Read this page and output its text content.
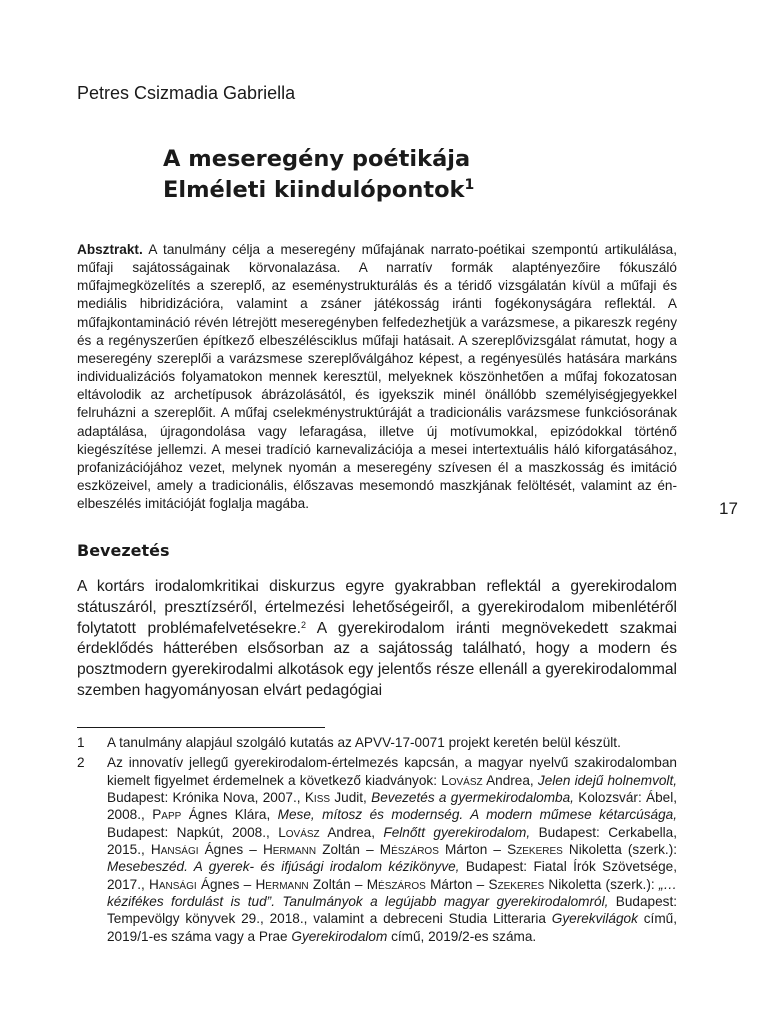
Petres Csizmadia Gabriella
A meseregény poétikája
Elméleti kiindulópontok$^1$
Absztrakt. A tanulmány célja a meseregény műfajának narrato-poétikai szempontú artikulálása, műfaji sajátosságainak körvonalazása. A narratív formák alaptényezőire fókuszáló műfajmegközelítés a szereplő, az eseménystrukturálás és a téridő vizsgálatán kívül a műfaji és mediális hibridizációra, valamint a zsáner játékosság iránti fogékonyságára reflektál. A műfajkontamináció révén létrejött meseregényben felfedezhetjük a varázsmese, a pikareszk regény és a regényszerűen építkező elbeszélésciklus műfaji hatásait. A szereplővizsgálat rámutat, hogy a meseregény szereplői a varázsmese szereplőválgához képest, a regényesülés hatására markáns individualizációs folyamatokon mennek keresztül, melyeknek köszönhetően a műfaj fokozatosan eltávolodik az archetípusok ábrázolásától, és igyekszik minél önállóbb személyiségjegyekkel felruházni a szereplőit. A műfaj cselekménystruktúráját a tradicionális varázsmese funkciósorának adaptálása, újragondolása vagy lefaragása, illetve új motívumokkal, epizódokkal történő kiegészítése jellemzi. A mesei tradíció karnevalizációja a mesei intertextuális háló kiforgatásához, profanizációjához vezet, melynek nyomán a meseregény szívesen él a maszkosság és imitáció eszközeivel, amely a tradicionális, élőszavas mesemondó maszkjának felöltését, valamint az én-elbeszélés imitációját foglalja magába.	17
Bevezetés
A kortárs irodalomkritikai diskurzus egyre gyakrabban reflektál a gyerekirodalom státuszáról, presztízséről, értelmezési lehetőségeiről, a gyerekirodalom mibenlétéről folytatott problémafelvetésekre.$^2$ A gyerekirodalom iránti megnövekedett szakmai érdeklődés hátterében elsősorban az a sajátosság található, hogy a modern és posztmodern gyerekirodalmi alkotások egy jelentős része ellenáll a gyerekirodalommal szemben hagyományosan elvárt pedagógiai
1	A tanulmány alapjául szolgáló kutatás az APVV-17-0071 projekt keretén belül készült.
2	Az innovatív jellegű gyerekirodalom-értelmezés kapcsán, a magyar nyelvű szakirodalomban kiemelt figyelmet érdemelnek a következő kiadványok: Lovász Andrea, Jelen idejű holnemvolt, Budapest: Krónika Nova, 2007., Kiss Judit, Bevezetés a gyermekirodalomba, Kolozsvár: Ábel, 2008., Papp Ágnes Klára, Mese, mítosz és modernség. A modern műmese kétarcúsága, Budapest: Napkút, 2008., Lovász Andrea, Felnőtt gyerekirodalom, Budapest: Cerkabella, 2015., Hansági Ágnes – Hermann Zoltán – Mészáros Márton – Szekeres Nikoletta (szerk.): Mesebeszéd. A gyerek- és ifjúsági irodalom kézikönyve, Budapest: Fiatal Írók Szövetsége, 2017., Hansági Ágnes – Hermann Zoltán – Mészáros Márton – Szekeres Nikoletta (szerk.): „…kézifékes fordulást is tud”. Tanulmányok a legújabb magyar gyerekirodalomról, Budapest: Tempevölgy könyvek 29., 2018., valamint a debreceni Studia Litteraria Gyerekvilágok című, 2019/1-es száma vagy a Prae Gyerekirodalom című, 2019/2-es száma.
